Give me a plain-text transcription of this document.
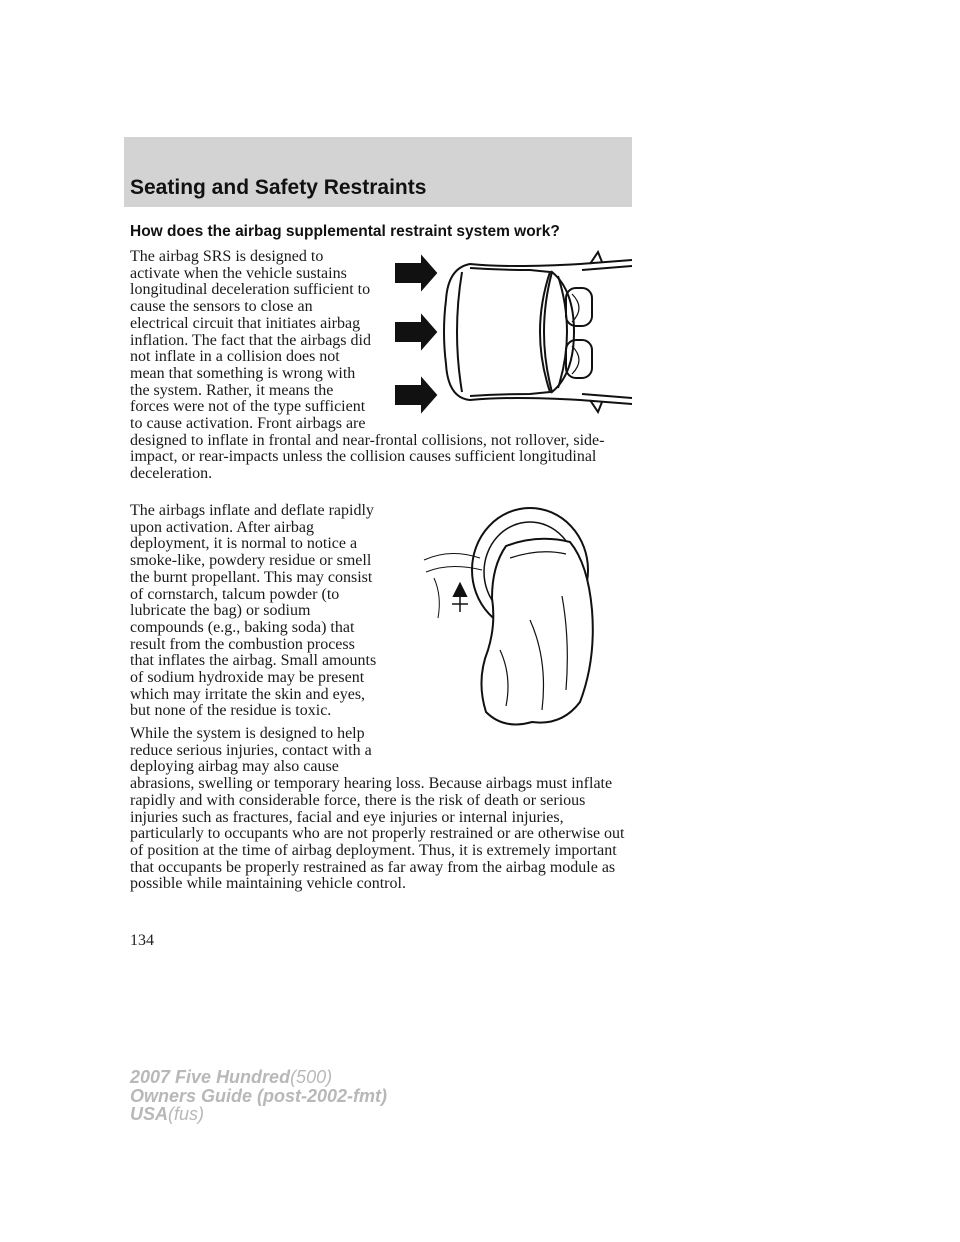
Seating and Safety Restraints
How does the airbag supplemental restraint system work?

The airbag SRS is designed to activate when the vehicle sustains longitudinal deceleration sufficient to cause the sensors to close an electrical circuit that initiates airbag inflation. The fact that the airbags did not inflate in a collision does not mean that something is wrong with the system. Rather, it means the forces were not of the type sufficient to cause activation. Front airbags are designed to inflate in frontal and near-frontal collisions, not rollover, side-impact, or rear-impacts unless the collision causes sufficient longitudinal deceleration.

The airbags inflate and deflate rapidly upon activation. After airbag deployment, it is normal to notice a smoke-like, powdery residue or smell the burnt propellant. This may consist of cornstarch, talcum powder (to lubricate the bag) or sodium compounds (e.g., baking soda) that result from the combustion process that inflates the airbag. Small amounts of sodium hydroxide may be present which may irritate the skin and eyes, but none of the residue is toxic.

While the system is designed to help reduce serious injuries, contact with a deploying airbag may also cause abrasions, swelling or temporary hearing loss. Because airbags must inflate rapidly and with considerable force, there is the risk of death or serious injuries such as fractures, facial and eye injuries or internal injuries, particularly to occupants who are not properly restrained or are otherwise out of position at the time of airbag deployment. Thus, it is extremely important that occupants be properly restrained as far away from the airbag module as possible while maintaining vehicle control.

134

2007 Five Hundred(500)
Owners Guide (post-2002-fmt)
USA(fus)
